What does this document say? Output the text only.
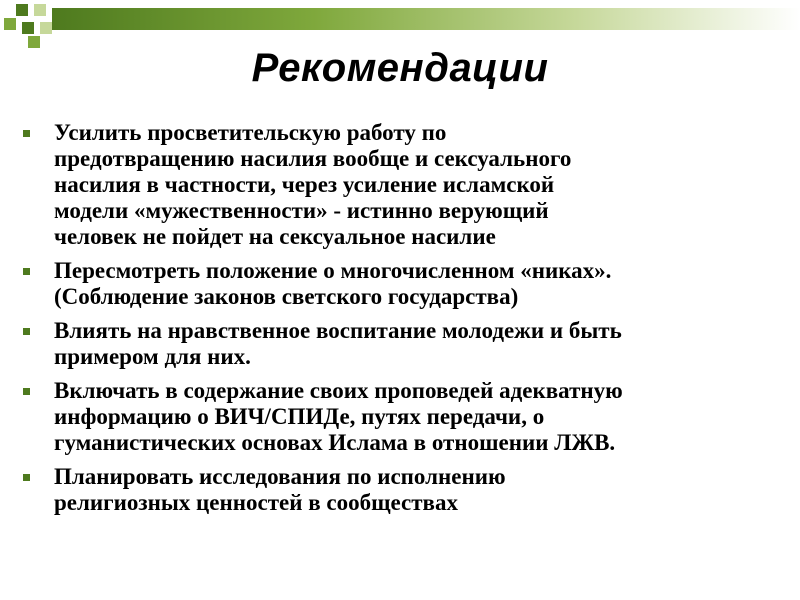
Рекомендации
Усилить просветительскую работу по
предотвращению насилия вообще и сексуального
насилия в частности, через усиление исламской
модели «мужественности» - истинно верующий
человек не пойдет на сексуальное насилие
Пересмотреть положение о многочисленном «никах».
(Соблюдение законов светского государства)
Влиять на нравственное воспитание молодежи и быть
примером для них.
Включать в содержание своих проповедей адекватную
информацию о ВИЧ/СПИДе, путях передачи, о
гуманистических основах Ислама в отношении ЛЖВ.
Планировать исследования по исполнению
религиозных ценностей в сообществах
